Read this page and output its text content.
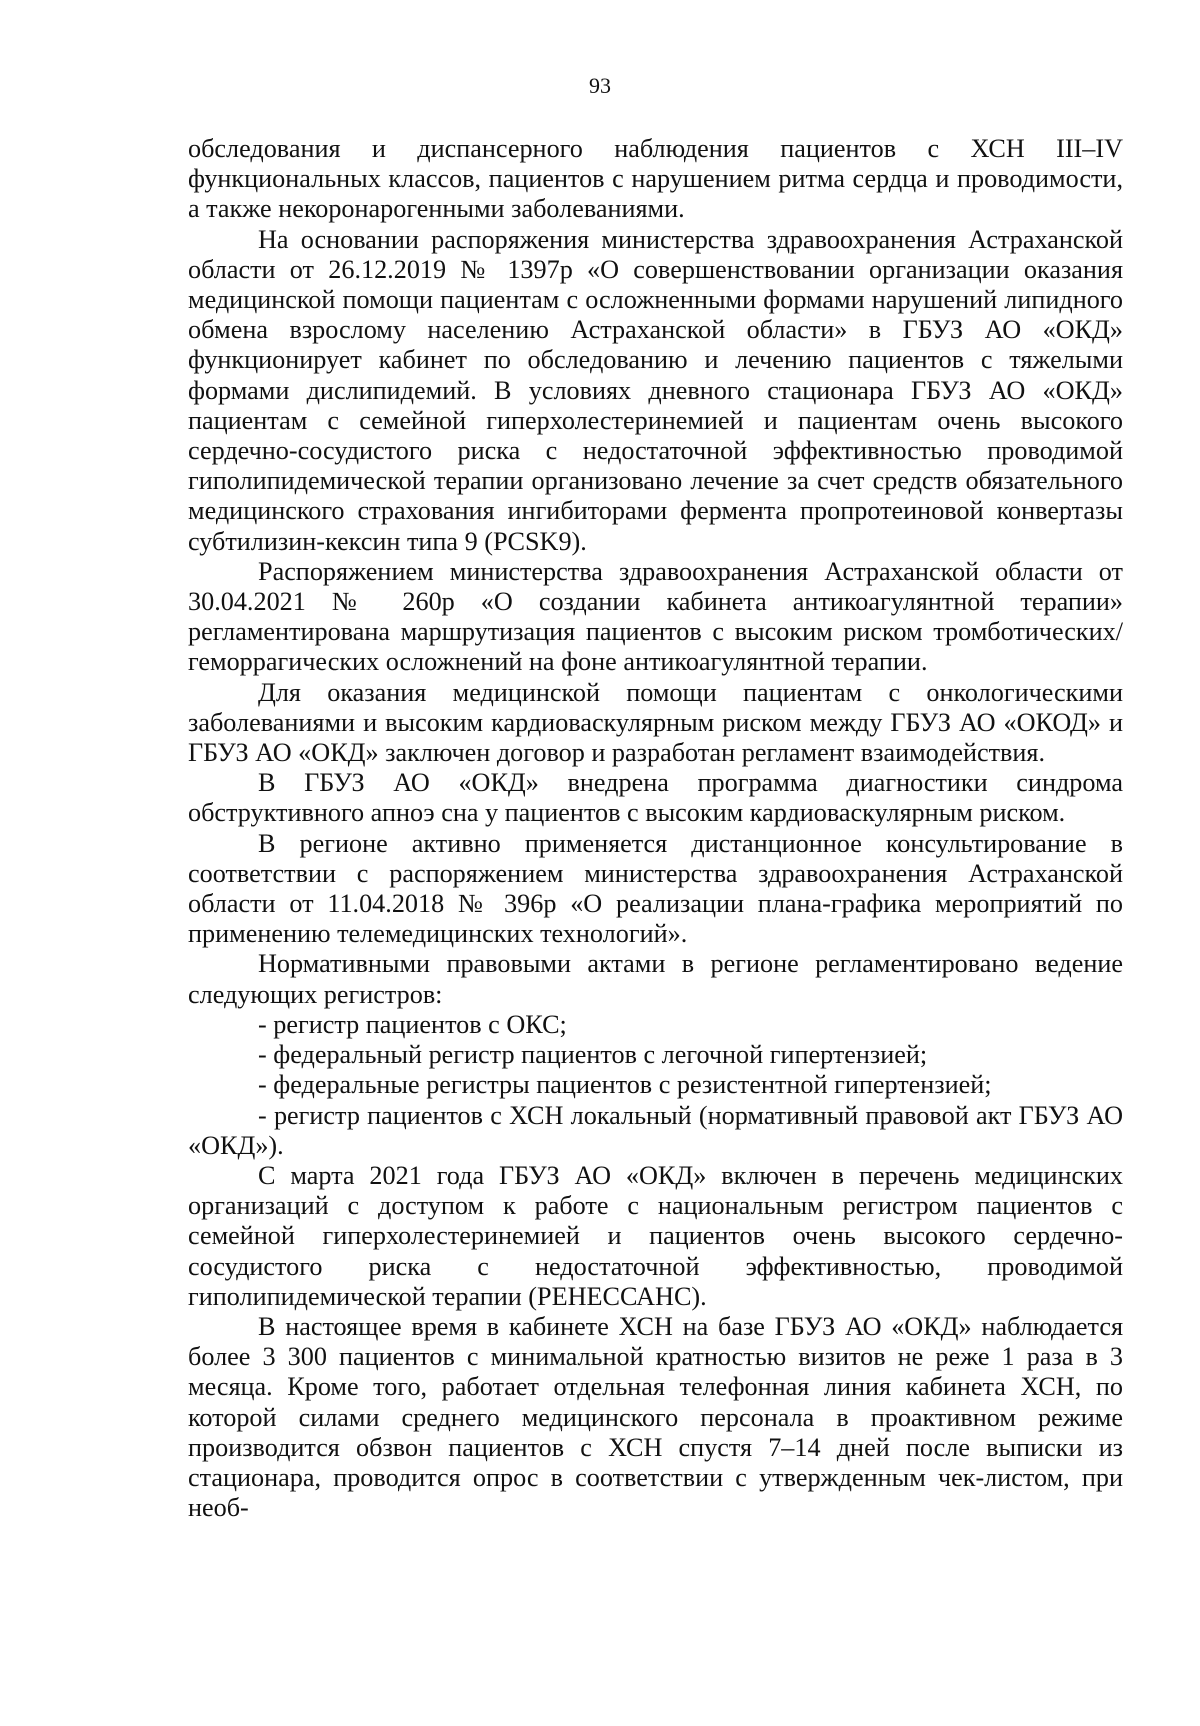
93

обследования и диспансерного наблюдения пациентов с ХСН III–IV функциональных классов, пациентов с нарушением ритма сердца и проводимости, а также некоронарогенными заболеваниями.

На основании распоряжения министерства здравоохранения Астраханской области от 26.12.2019 № 1397р «О совершенствовании организации оказания медицинской помощи пациентам с осложненными формами нарушений липидного обмена взрослому населению Астраханской области» в ГБУЗ АО «ОКД» функционирует кабинет по обследованию и лечению пациентов с тяжелыми формами дислипидемий. В условиях дневного стационара ГБУЗ АО «ОКД» пациентам с семейной гиперхолестеринемией и пациентам очень высокого сердечно-сосудистого риска с недостаточной эффективностью проводимой гиполипидемической терапии организовано лечение за счет средств обязательного медицинского страхования ингибиторами фермента пропротеиновой конвертазы субтилизин-кексин типа 9 (PCSK9).

Распоряжением министерства здравоохранения Астраханской области от 30.04.2021 № 260р «О создании кабинета антикоагулянтной терапии» регламентирована маршрутизация пациентов с высоким риском тромботических/геморрагических осложнений на фоне антикоагулянтной терапии.

Для оказания медицинской помощи пациентам с онкологическими заболеваниями и высоким кардиоваскулярным риском между ГБУЗ АО «ОКОД» и ГБУЗ АО «ОКД» заключен договор и разработан регламент взаимодействия.

В ГБУЗ АО «ОКД» внедрена программа диагностики синдрома обструктивного апноэ сна у пациентов с высоким кардиоваскулярным риском.

В регионе активно применяется дистанционное консультирование в соответствии с распоряжением министерства здравоохранения Астраханской области от 11.04.2018 № 396р «О реализации плана-графика мероприятий по применению телемедицинских технологий».

Нормативными правовыми актами в регионе регламентировано ведение следующих регистров:

- регистр пациентов с ОКС;

- федеральный регистр пациентов с легочной гипертензией;

- федеральные регистры пациентов с резистентной гипертензией;

- регистр пациентов с ХСН локальный (нормативный правовой акт ГБУЗ АО «ОКД»).

С марта 2021 года ГБУЗ АО «ОКД» включен в перечень медицинских организаций с доступом к работе с национальным регистром пациентов с семейной гиперхолестеринемией и пациентов очень высокого сердечно-сосудистого риска с недостаточной эффективностью, проводимой гиполипидемической терапии (РЕНЕССАНС).

В настоящее время в кабинете ХСН на базе ГБУЗ АО «ОКД» наблюдается более 3 300 пациентов с минимальной кратностью визитов не реже 1 раза в 3 месяца. Кроме того, работает отдельная телефонная линия кабинета ХСН, по которой силами среднего медицинского персонала в проактивном режиме производится обзвон пациентов с ХСН спустя 7–14 дней после выписки из стационара, проводится опрос в соответствии с утвержденным чек-листом, при необ-
